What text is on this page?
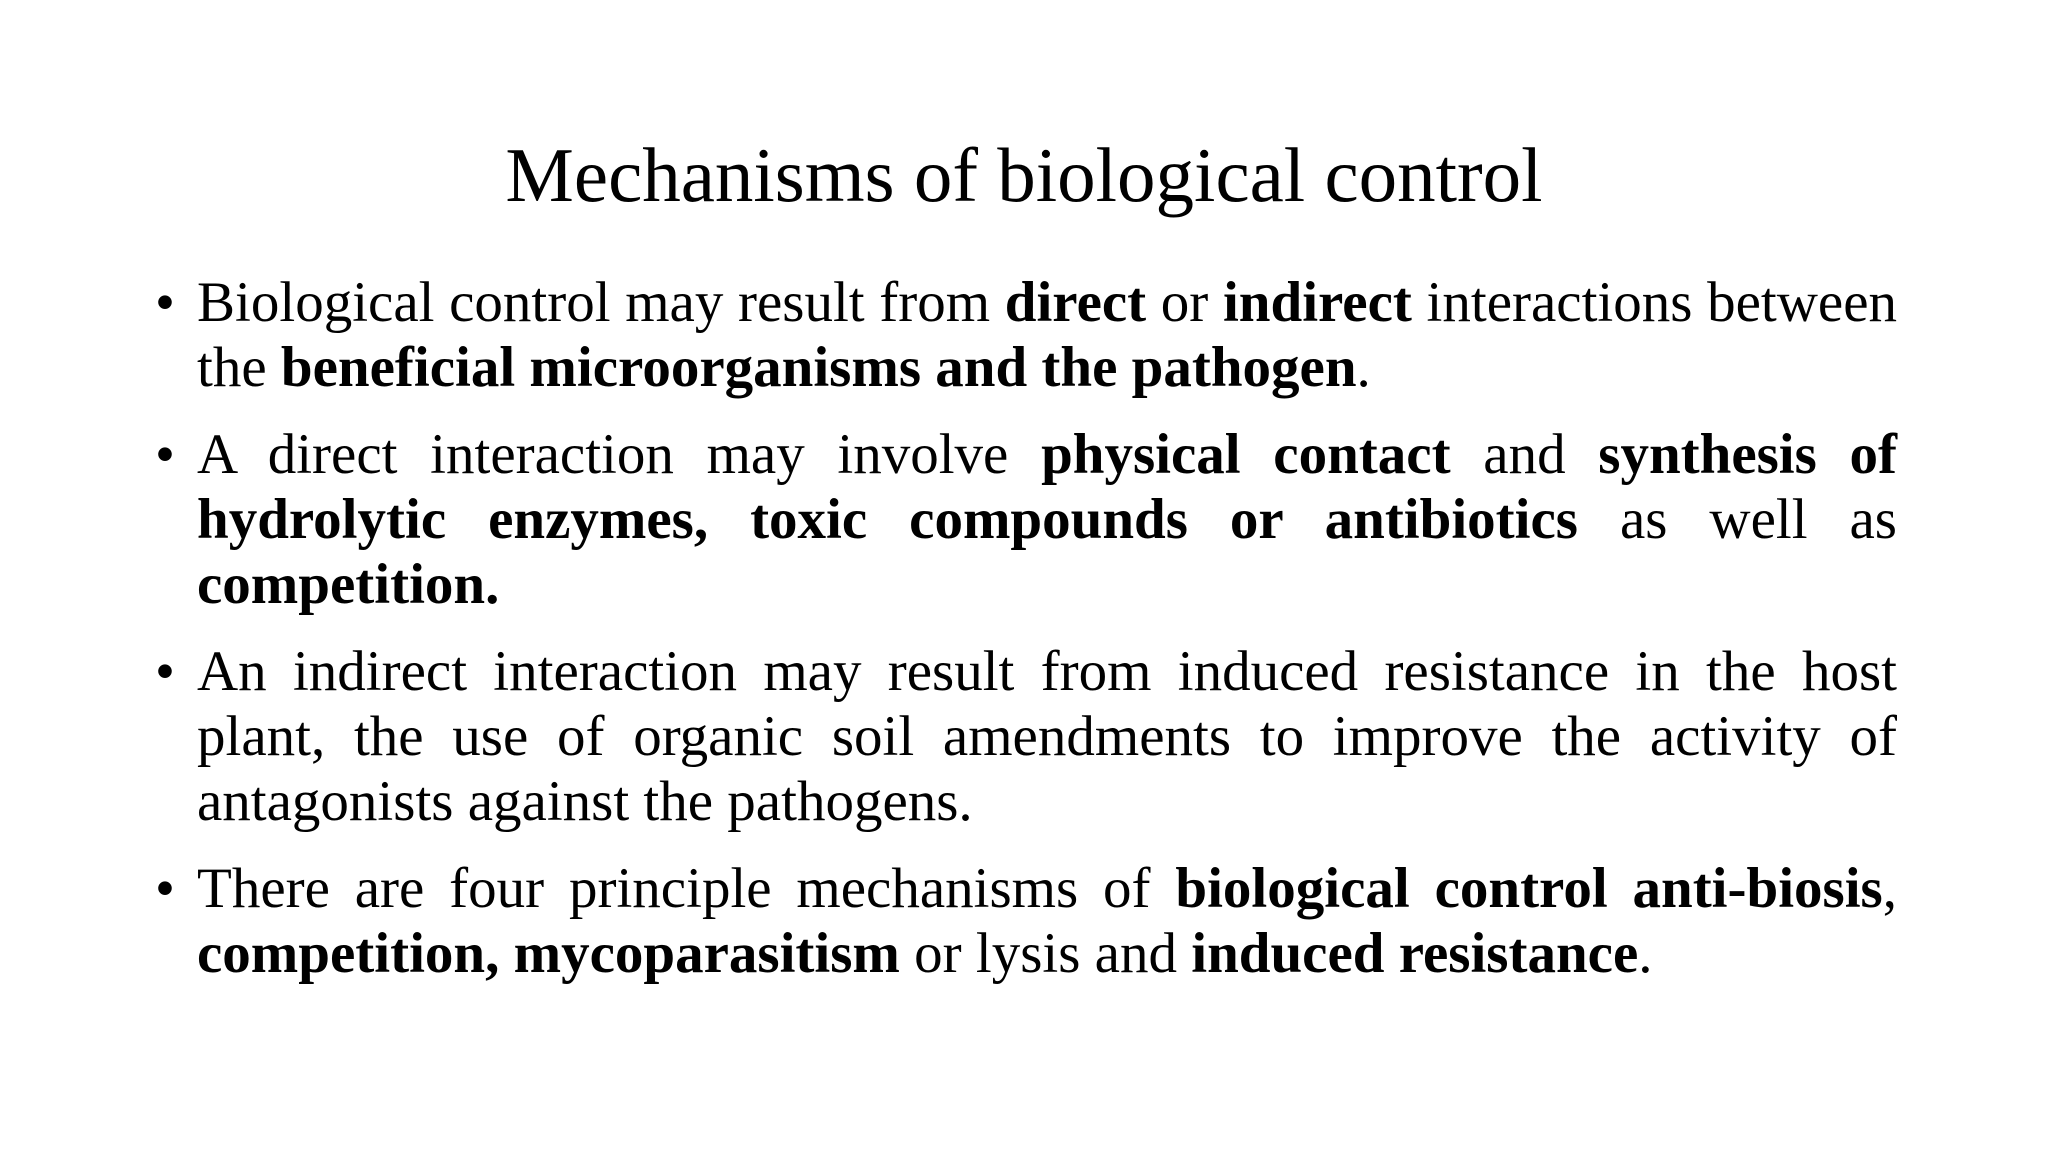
Mechanisms of biological control
• Biological control may result from direct or indirect interactions between the beneficial microorganisms and the pathogen.
• A direct interaction may involve physical contact and synthesis of hydrolytic enzymes, toxic compounds or antibiotics as well as competition.
• An indirect interaction may result from induced resistance in the host plant, the use of organic soil amendments to improve the activity of antagonists against the pathogens.
• There are four principle mechanisms of biological control anti-biosis, competition, mycoparasitism or lysis and induced resistance.
